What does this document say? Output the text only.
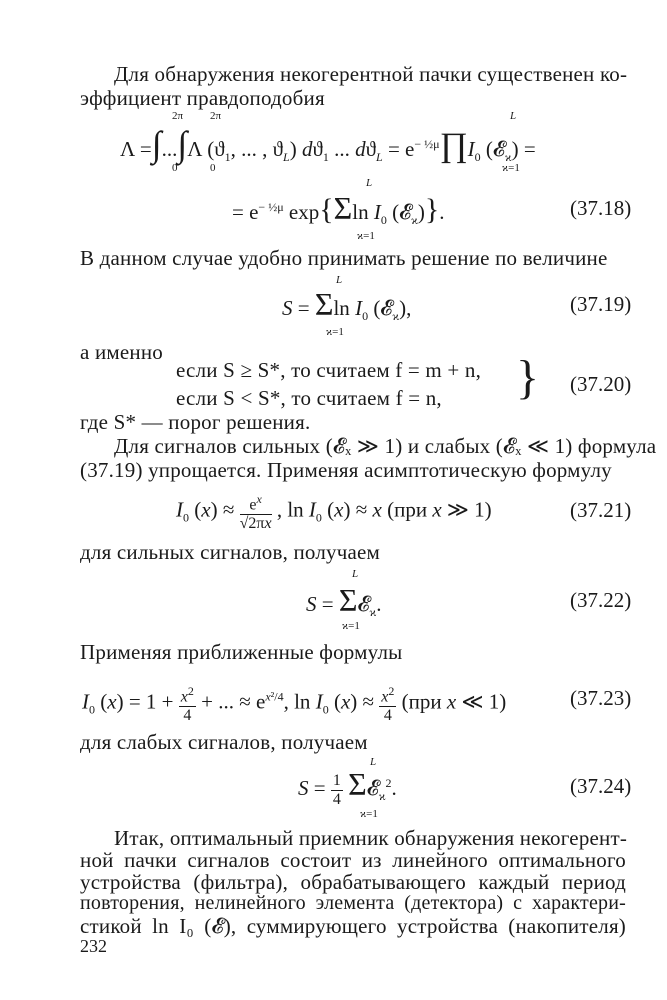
Для обнаружения некогерентной пачки существенен ко-
эффициент правдоподобия
Λ =∫...∫Λ ($ϑ_1$, ... , $ϑ_L$) $dϑ_1$ ... $dϑ_L$ = $e^{- \frac{1}{2}\mu}\prod I_0$ (𝓔$_ϰ$) =
2π 2π
0	0
L
ϰ=1
= $e^{- \frac{1}{2}\mu}$ exp{Σln $I_0$ (𝓔$_ϰ$)}.
L
ϰ=1
(37.18)
В данном случае удобно принимать решение по величине
S = Σln $I_0$ (𝓔$_ϰ$),
L
ϰ=1
(37.19)
а именно
если S ≥ S*, то считаем f = m + n,
если S < S*, то считаем f = n, } (37.20)
где S* — порог решения.
Для сигналов сильных (𝓔ₓ ≫ 1) и слабых (𝓔ₓ ≪ 1) формула
(37.19) упрощается. Применяя асимптотическую формулу
$I_0$ $(x) \approx \frac{e^x}{√2\pi x}$ , $\ln I_0$ (x) ≈ x (при x ≫ 1)	(37.21)
для сильных сигналов, получаем
S = Σ𝓔$_ϰ$.
L
ϰ=1
(37.22)
Применяя приближенные формулы
$I_0$ $(x) = 1 + \frac{x^2}{4}$ + ... ≈ $e^{x^2/4}$, $\ln I_0$ $(x) \approx \frac{x^2}{4} (при$ x ≪ 1)	(37.23)
для слабых сигналов, получаем
$S = \frac{1}{4}$ Σ𝓔$_ϰ^2$.
L
ϰ=1
(37.24)
Итак, оптимальный приемник обнаружения некогерент-
ной пачки сигналов состоит из линейного оптимального
устройства (фильтра), обрабатывающего каждый период
повторения, нелинейного элемента (детектора) с характери-
стикой ln I₀ (𝓔), суммирующего устройства (накопителя)
232
